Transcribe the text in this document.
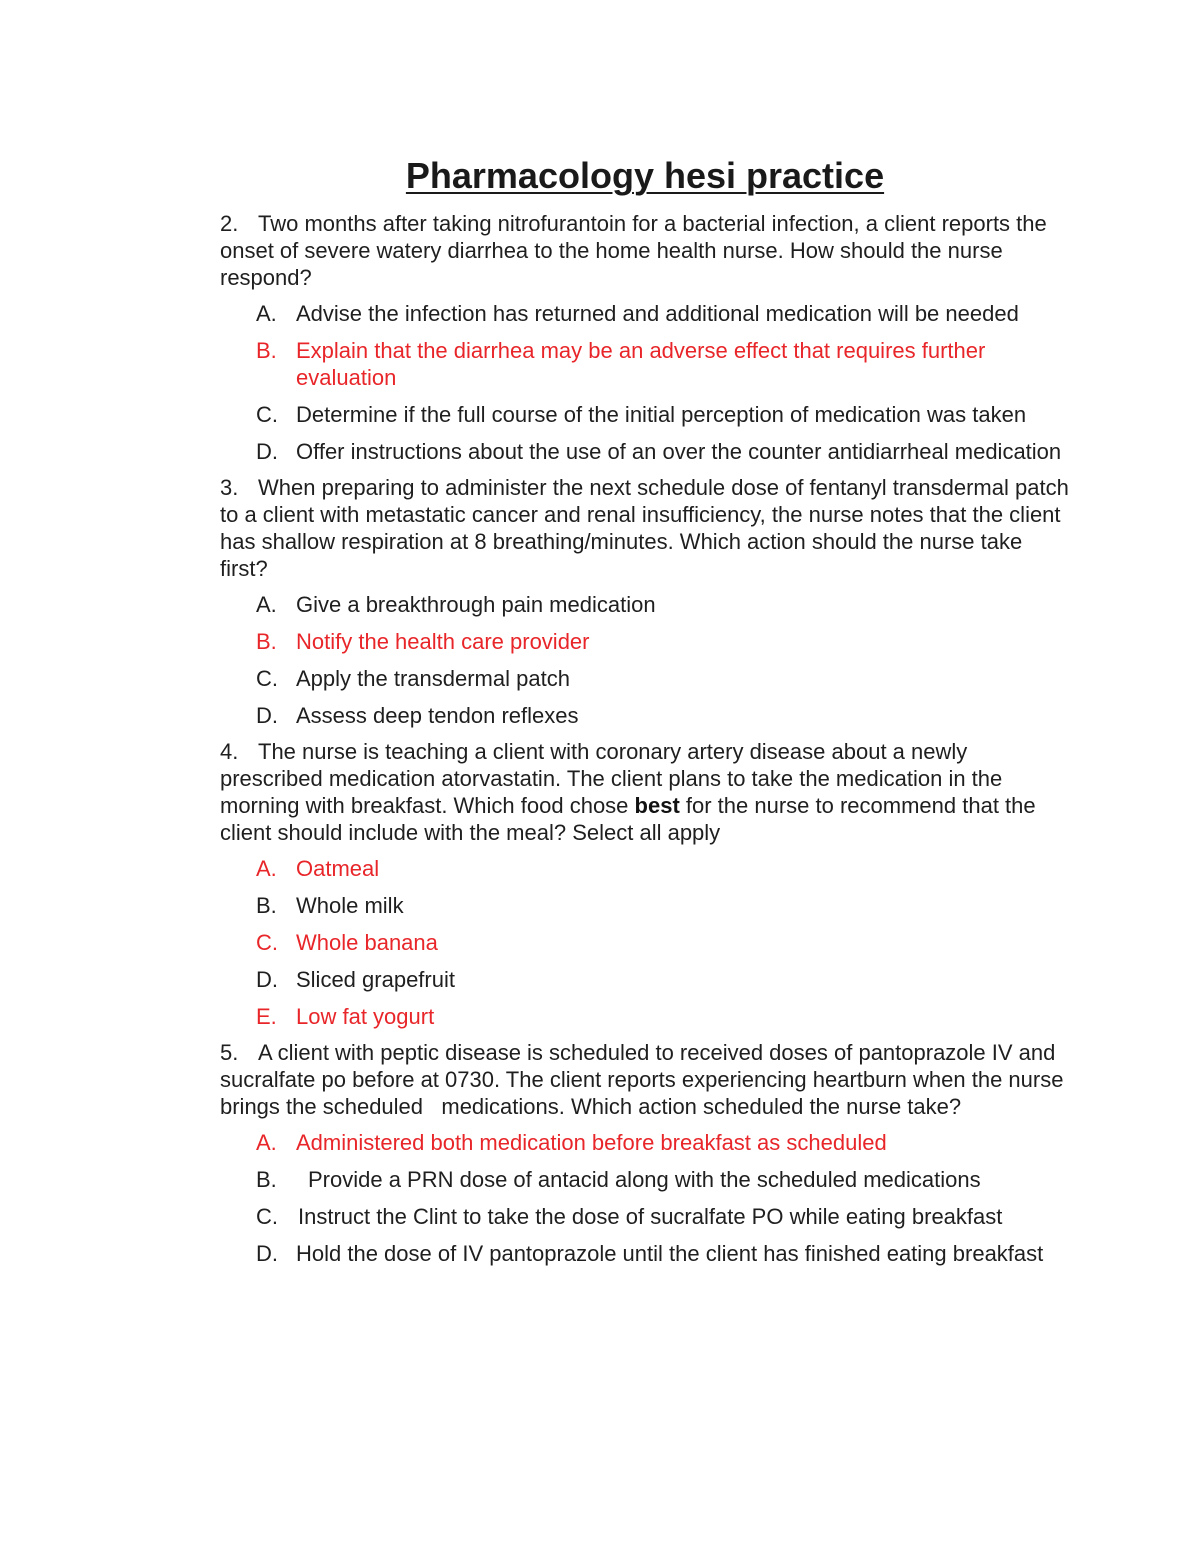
Pharmacology hesi practice
2. Two months after taking nitrofurantoin for a bacterial infection, a client reports the onset of severe watery diarrhea to the home health nurse. How should the nurse respond?
A. Advise the infection has returned and additional medication will be needed
B. Explain that the diarrhea may be an adverse effect that requires further evaluation
C. Determine if the full course of the initial perception of medication was taken
D. Offer instructions about the use of an over the counter antidiarrheal medication
3. When preparing to administer the next schedule dose of fentanyl transdermal patch to a client with metastatic cancer and renal insufficiency, the nurse notes that the client has shallow respiration at 8 breathing/minutes. Which action should the nurse take first?
A. Give a breakthrough pain medication
B. Notify the health care provider
C. Apply the transdermal patch
D. Assess deep tendon reflexes
4. The nurse is teaching a client with coronary artery disease about a newly prescribed medication atorvastatin. The client plans to take the medication in the morning with breakfast. Which food chose best for the nurse to recommend that the client should include with the meal? Select all apply
A. Oatmeal
B. Whole milk
C. Whole banana
D. Sliced grapefruit
E. Low fat yogurt
5. A client with peptic disease is scheduled to received doses of pantoprazole IV and sucralfate po before at 0730. The client reports experiencing heartburn when the nurse brings the scheduled   medications. Which action scheduled the nurse take?
A. Administered both medication before breakfast as scheduled
B. Provide a PRN dose of antacid along with the scheduled medications
C. Instruct the Clint to take the dose of sucralfate PO while eating breakfast
D. Hold the dose of IV pantoprazole until the client has finished eating breakfast
